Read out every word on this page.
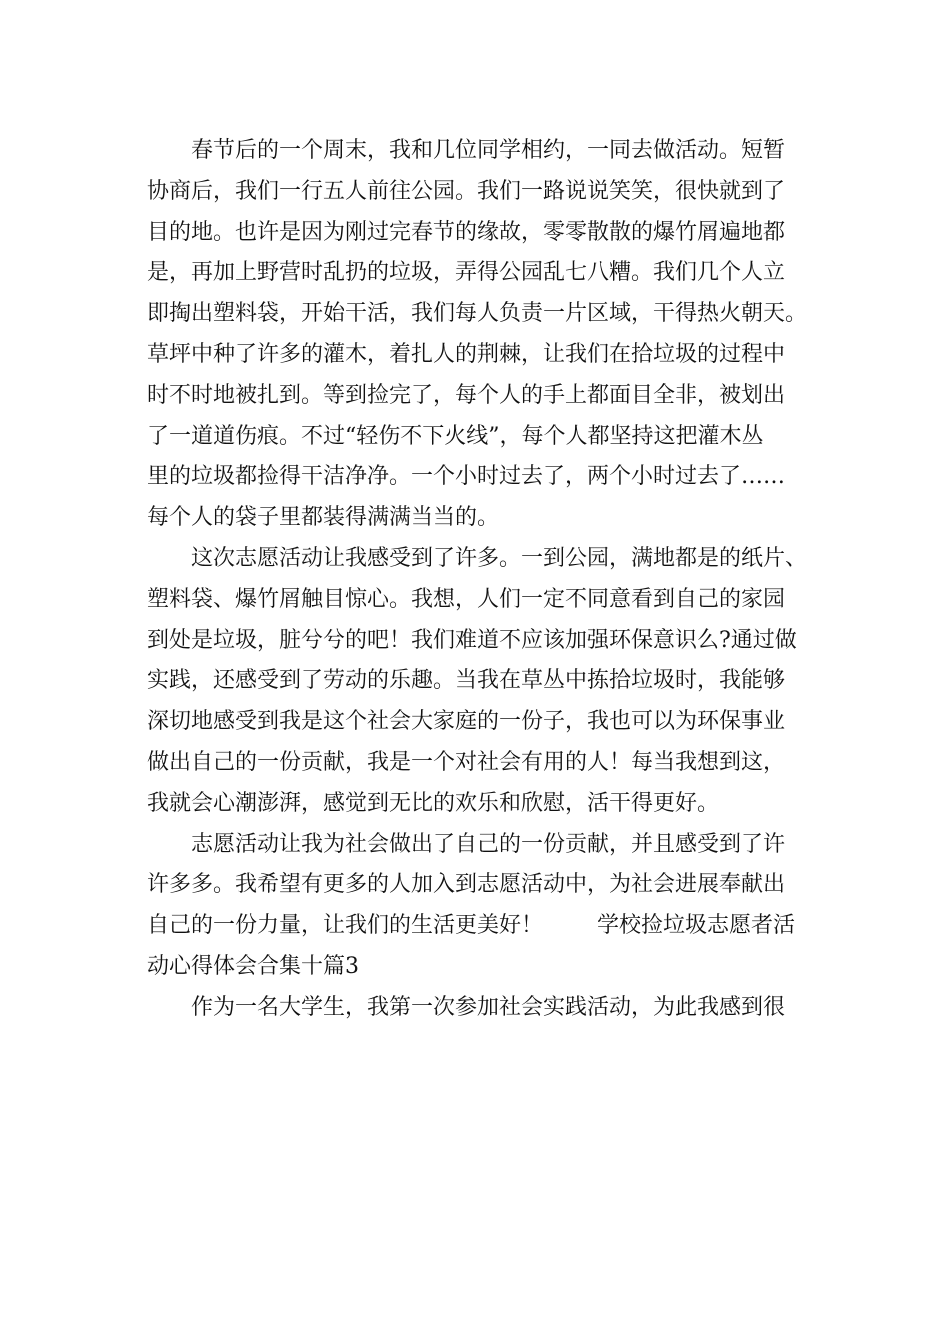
春节后的一个周末，我和几位同学相约，一同去做活动。短暂
协商后，我们一行五人前往公园。我们一路说说笑笑，很快就到了
目的地。也许是因为刚过完春节的缘故，零零散散的爆竹屑遍地都
是，再加上野营时乱扔的垃圾，弄得公园乱七八糟。我们几个人立
即掏出塑料袋，开始干活，我们每人负责一片区域，干得热火朝天。
草坪中种了许多的灌木，着扎人的荆棘，让我们在拾垃圾的过程中
时不时地被扎到。等到捡完了，每个人的手上都面目全非，被划出
了一道道伤痕。不过“轻伤不下火线”，每个人都坚持这把灌木丛
里的垃圾都捡得干洁净净。一个小时过去了，两个小时过去了……
每个人的袋子里都装得满满当当的。
这次志愿活动让我感受到了许多。一到公园，满地都是的纸片、
塑料袋、爆竹屑触目惊心。我想，人们一定不同意看到自己的家园
到处是垃圾，脏兮兮的吧！我们难道不应该加强环保意识么?通过做
实践，还感受到了劳动的乐趣。当我在草丛中拣拾垃圾时，我能够
深切地感受到我是这个社会大家庭的一份子，我也可以为环保事业
做出自己的一份贡献，我是一个对社会有用的人！每当我想到这，
我就会心潮澎湃，感觉到无比的欢乐和欣慰，活干得更好。
志愿活动让我为社会做出了自己的一份贡献，并且感受到了许
许多多。我希望有更多的人加入到志愿活动中，为社会进展奉献出
自己的一份力量，让我们的生活更美好！ 学校捡垃圾志愿者活
动心得体会合集十篇3
作为一名大学生，我第一次参加社会实践活动，为此我感到很
